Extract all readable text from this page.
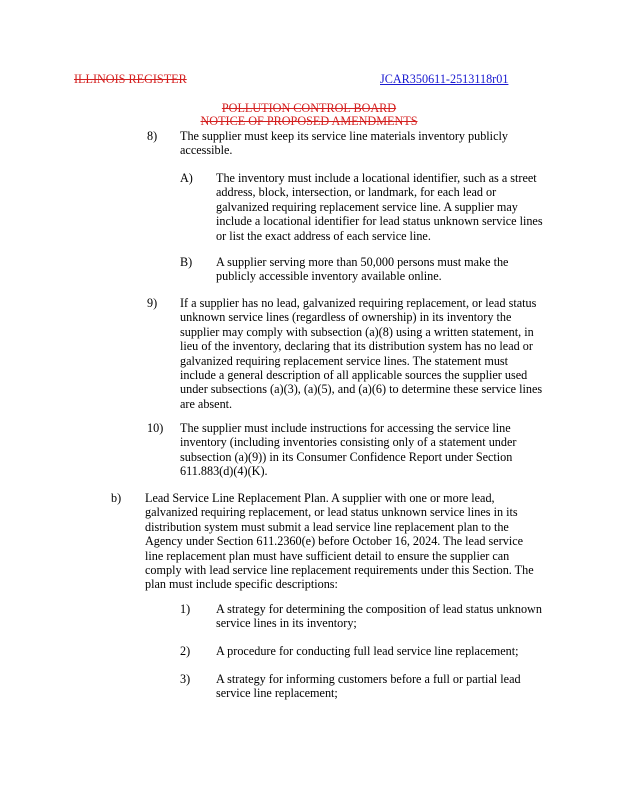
ILLINOIS REGISTER	JCAR350611-2513118r01
POLLUTION CONTROL BOARD
NOTICE OF PROPOSED AMENDMENTS
8) The supplier must keep its service line materials inventory publicly

accessible.

A) The inventory must include a locational identifier, such as a street

address, block, intersection, or landmark, for each lead or

galvanized requiring replacement service line. A supplier may

include a locational identifier for lead status unknown service lines

or list the exact address of each service line.

B) A supplier serving more than 50,000 persons must make the

publicly accessible inventory available online.

9) If a supplier has no lead, galvanized requiring replacement, or lead status

unknown service lines (regardless of ownership) in its inventory the

supplier may comply with subsection (a)(8) using a written statement, in

lieu of the inventory, declaring that its distribution system has no lead or

galvanized requiring replacement service lines. The statement must

include a general description of all applicable sources the supplier used

under subsections (a)(3), (a)(5), and (a)(6) to determine these service lines

are absent.

10) The supplier must include instructions for accessing the service line

inventory (including inventories consisting only of a statement under

subsection (a)(9)) in its Consumer Confidence Report under Section

611.883(d)(4)(K).

b) Lead Service Line Replacement Plan. A supplier with one or more lead,

galvanized requiring replacement, or lead status unknown service lines in its

distribution system must submit a lead service line replacement plan to the

Agency under Section 611.2360(e) before October 16, 2024. The lead service

line replacement plan must have sufficient detail to ensure the supplier can

comply with lead service line replacement requirements under this Section. The

plan must include specific descriptions:

1) A strategy for determining the composition of lead status unknown

service lines in its inventory;

2) A procedure for conducting full lead service line replacement;

3) A strategy for informing customers before a full or partial lead

service line replacement;
